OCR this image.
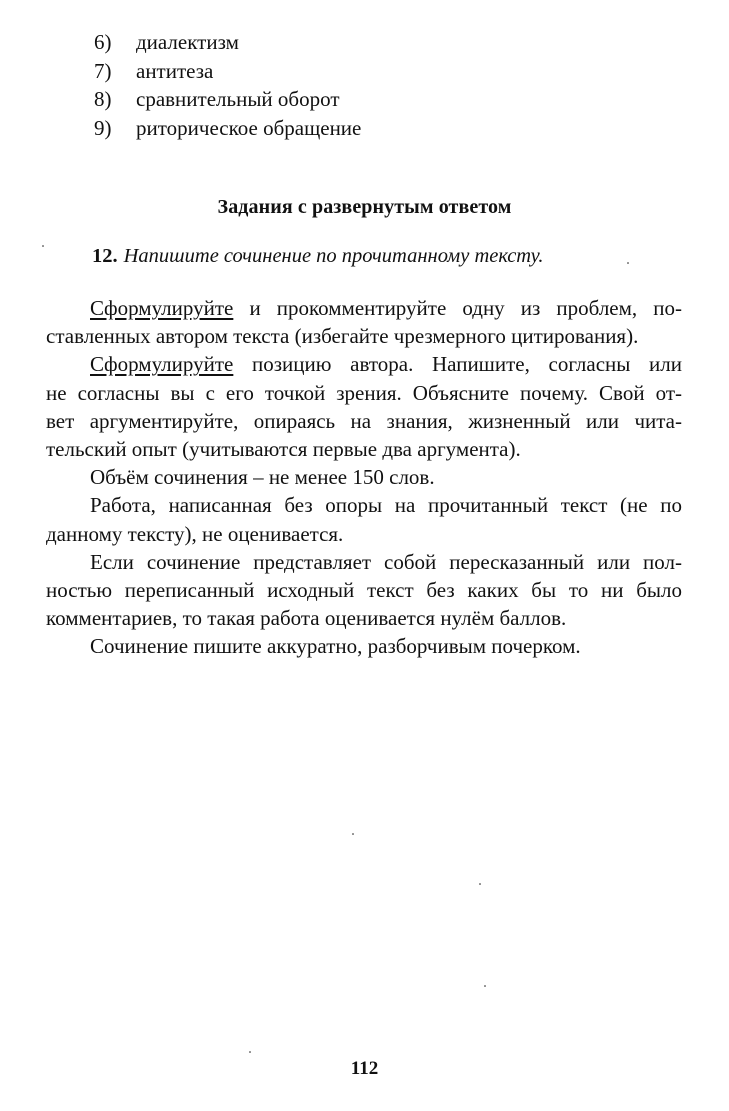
6)	диалектизм
7)	антитеза
8)	сравнительный оборот
9)	риторическое обращение
Задания с развернутым ответом
12. Напишите сочинение по прочитанному тексту.

Сформулируйте и прокомментируйте одну из проблем, по-
ставленных автором текста (избегайте чрезмерного цитирования).

Сформулируйте позицию автора. Напишите, согласны или
не согласны вы с его точкой зрения. Объясните почему. Свой от-
вет аргументируйте, опираясь на знания, жизненный или чита-
тельский опыт (учитываются первые два аргумента).

Объём сочинения – не менее 150 слов.

Работа, написанная без опоры на прочитанный текст (не по
данному тексту), не оценивается.

Если сочинение представляет собой пересказанный или пол-
ностью переписанный исходный текст без каких бы то ни было
комментариев, то такая работа оценивается нулём баллов.

Сочинение пишите аккуратно, разборчивым почерком.

112
